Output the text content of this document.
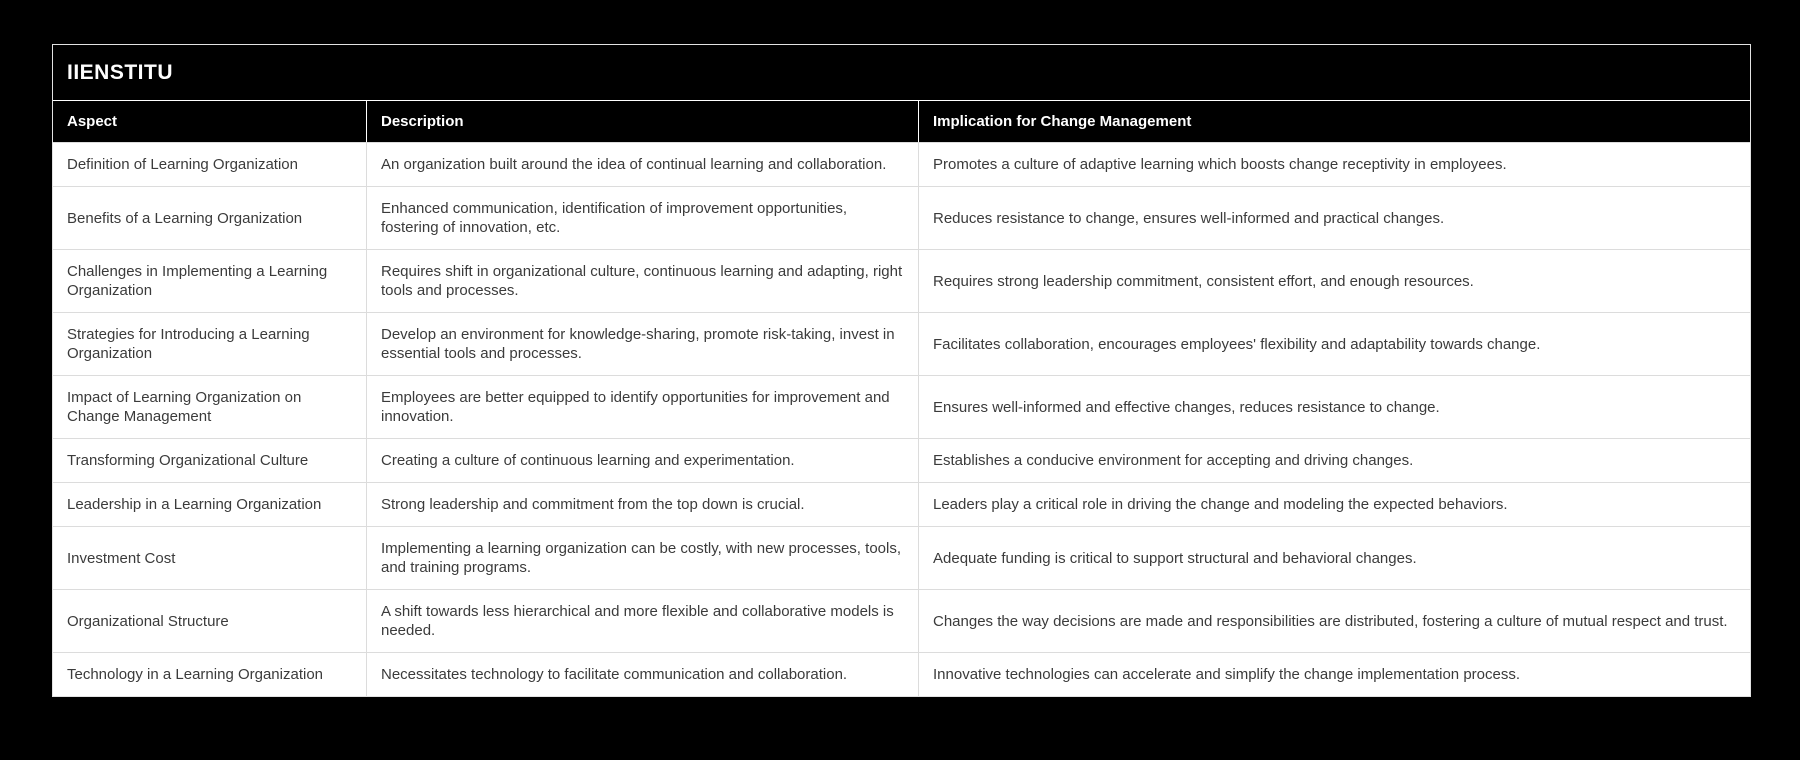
IIENSTITU
Aspect	Description	Implication for Change Management
Definition of Learning Organization	An organization built around the idea of continual learning and collaboration.	Promotes a culture of adaptive learning which boosts change receptivity in employees.
Benefits of a Learning Organization	Enhanced communication, identification of improvement opportunities, fostering of innovation, etc.	Reduces resistance to change, ensures well-informed and practical changes.
Challenges in Implementing a Learning Organization	Requires shift in organizational culture, continuous learning and adapting, right tools and processes.	Requires strong leadership commitment, consistent effort, and enough resources.
Strategies for Introducing a Learning Organization	Develop an environment for knowledge-sharing, promote risk-taking, invest in essential tools and processes.	Facilitates collaboration, encourages employees' flexibility and adaptability towards change.
Impact of Learning Organization on Change Management	Employees are better equipped to identify opportunities for improvement and innovation.	Ensures well-informed and effective changes, reduces resistance to change.
Transforming Organizational Culture	Creating a culture of continuous learning and experimentation.	Establishes a conducive environment for accepting and driving changes.
Leadership in a Learning Organization	Strong leadership and commitment from the top down is crucial.	Leaders play a critical role in driving the change and modeling the expected behaviors.
Investment Cost	Implementing a learning organization can be costly, with new processes, tools, and training programs.	Adequate funding is critical to support structural and behavioral changes.
Organizational Structure	A shift towards less hierarchical and more flexible and collaborative models is needed.	Changes the way decisions are made and responsibilities are distributed, fostering a culture of mutual respect and trust.
Technology in a Learning Organization	Necessitates technology to facilitate communication and collaboration.	Innovative technologies can accelerate and simplify the change implementation process.
